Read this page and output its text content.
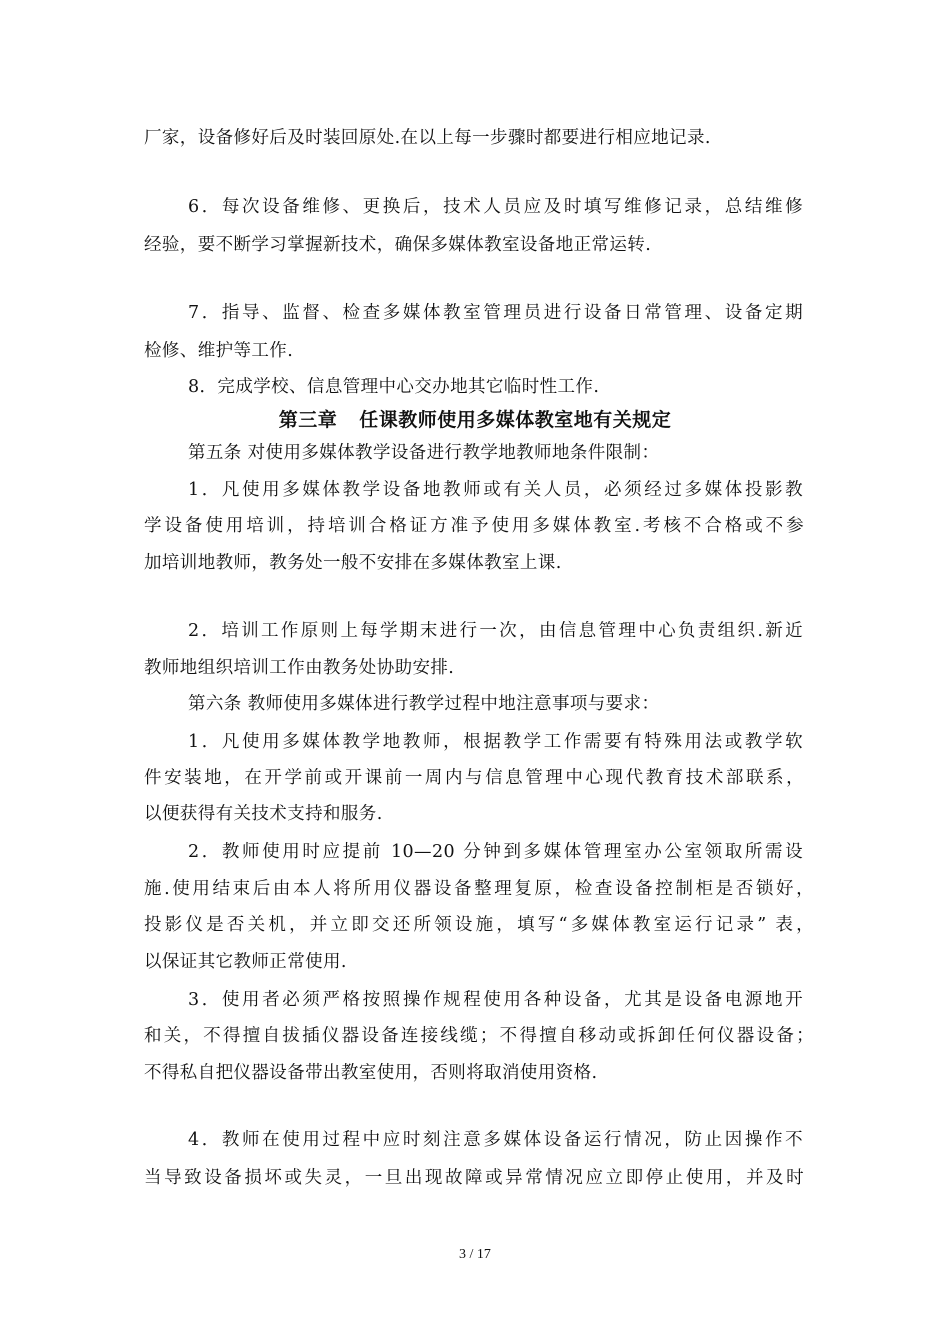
厂家，设备修好后及时装回原处.在以上每一步骤时都要进行相应地记录.
6．每次设备维修、更换后，技术人员应及时填写维修记录，总结维修
经验，要不断学习掌握新技术，确保多媒体教室设备地正常运转.
7．指导、监督、检查多媒体教室管理员进行设备日常管理、设备定期
检修、维护等工作.
8．完成学校、信息管理中心交办地其它临时性工作.
第三章 任课教师使用多媒体教室地有关规定
第五条 对使用多媒体教学设备进行教学地教师地条件限制：
1．凡使用多媒体教学设备地教师或有关人员，必须经过多媒体投影教
学设备使用培训，持培训合格证方准予使用多媒体教室.考核不合格或不参
加培训地教师，教务处一般不安排在多媒体教室上课.
2．培训工作原则上每学期末进行一次，由信息管理中心负责组织.新近
教师地组织培训工作由教务处协助安排.
第六条 教师使用多媒体进行教学过程中地注意事项与要求：
1．凡使用多媒体教学地教师，根据教学工作需要有特殊用法或教学软
件安装地，在开学前或开课前一周内与信息管理中心现代教育技术部联系，
以便获得有关技术支持和服务.
2．教师使用时应提前 10—20 分钟到多媒体管理室办公室领取所需设
施.使用结束后由本人将所用仪器设备整理复原，检查设备控制柜是否锁好，
投影仪是否关机，并立即交还所领设施，填写“多媒体教室运行记录” 表，
以保证其它教师正常使用.
3．使用者必须严格按照操作规程使用各种设备，尤其是设备电源地开
和关，不得擅自拔插仪器设备连接线缆；不得擅自移动或拆卸任何仪器设备；
不得私自把仪器设备带出教室使用，否则将取消使用资格.
4．教师在使用过程中应时刻注意多媒体设备运行情况，防止因操作不
当导致设备损坏或失灵，一旦出现故障或异常情况应立即停止使用，并及时
3 / 17
